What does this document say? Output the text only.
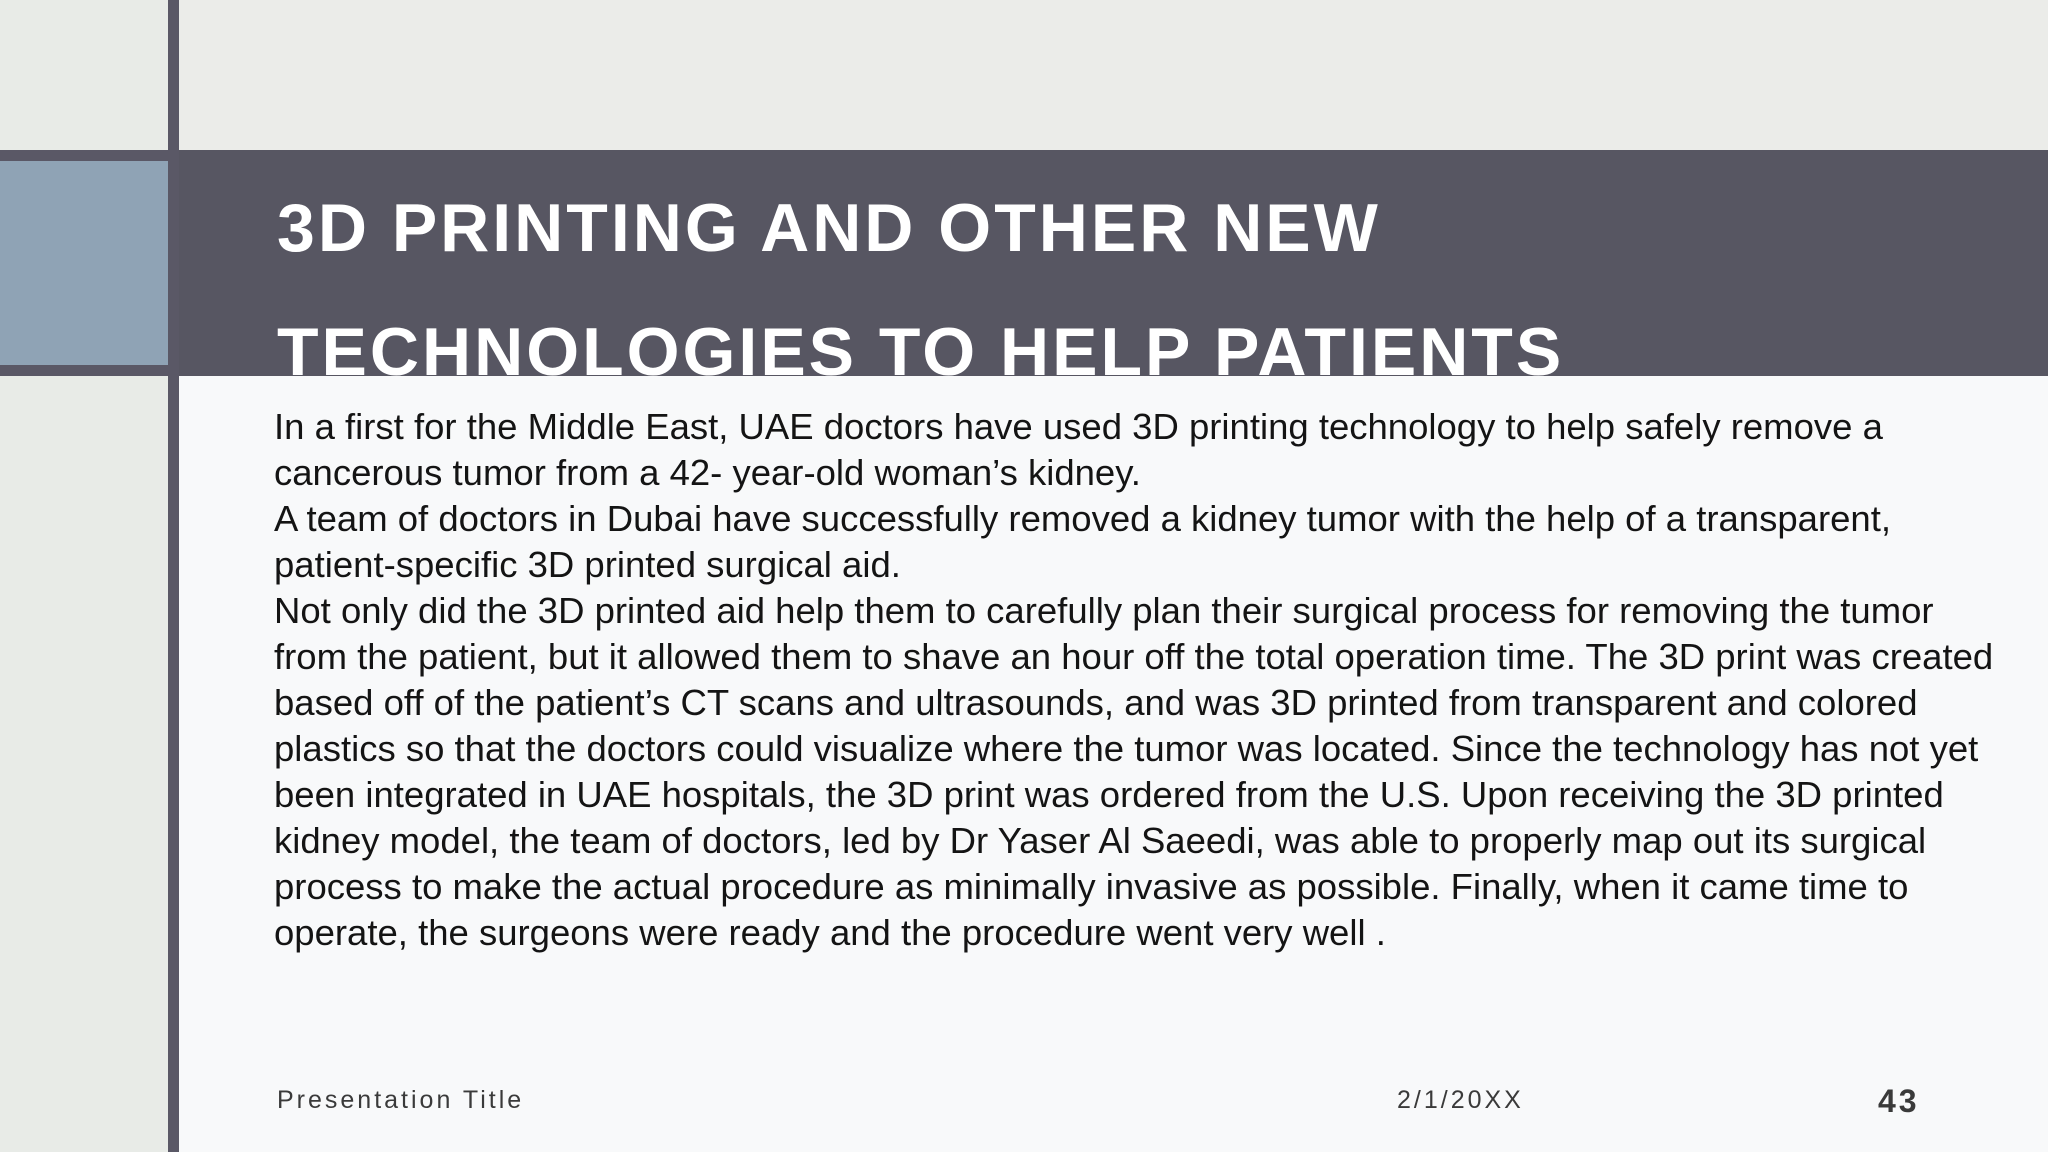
3D PRINTING AND OTHER NEW
TECHNOLOGIES TO HELP PATIENTS

In a first for the Middle East, UAE doctors have used 3D printing technology to help safely remove a cancerous tumor from a 42- year-old woman’s kidney.

A team of doctors in Dubai have successfully removed a kidney tumor with the help of a transparent, patient-specific 3D printed surgical aid.

Not only did the 3D printed aid help them to carefully plan their surgical process for removing the tumor from the patient, but it allowed them to shave an hour off the total operation time. The 3D print was created based off of the patient’s CT scans and ultrasounds, and was 3D printed from transparent and colored plastics so that the doctors could visualize where the tumor was located. Since the technology has not yet been integrated in UAE hospitals, the 3D print was ordered from the U.S. Upon receiving the 3D printed kidney model, the team of doctors, led by Dr Yaser Al Saeedi, was able to properly map out its surgical process to make the actual procedure as minimally invasive as possible. Finally, when it came time to operate, the surgeons were ready and the procedure went very well .

Presentation Title	2/1/20XX	43
